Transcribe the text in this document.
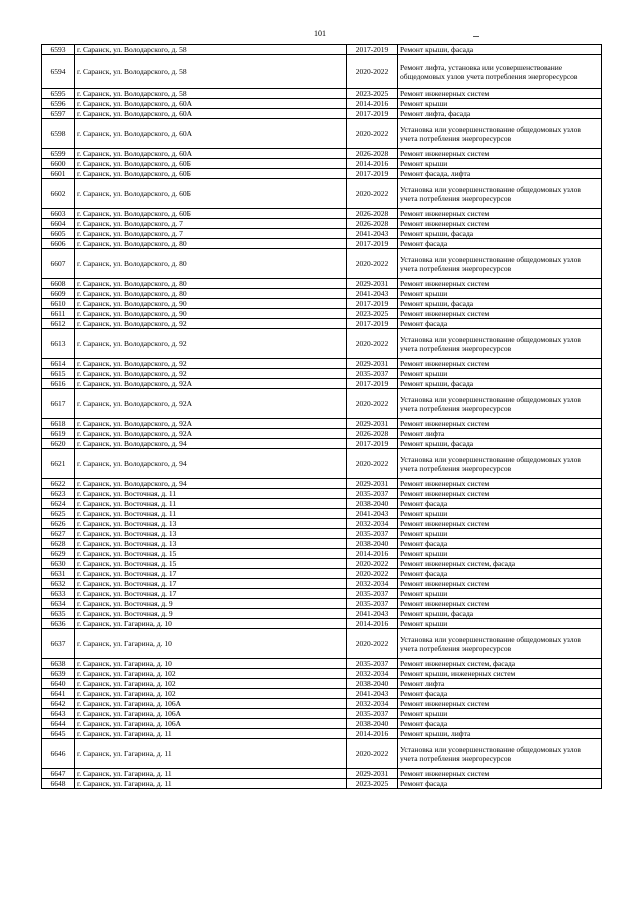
101
6593	г. Саранск, ул. Володарского, д. 58	2017-2019	Ремонт крыши, фасада
6594	г. Саранск, ул. Володарского, д. 58	2020-2022	Ремонт лифта, установка или усовершенствование общедомовых узлов учета потребления энергоресурсов
6595	г. Саранск, ул. Володарского, д. 58	2023-2025	Ремонт инженерных систем
6596	г. Саранск, ул. Володарского, д. 60А	2014-2016	Ремонт крыши
6597	г. Саранск, ул. Володарского, д. 60А	2017-2019	Ремонт лифта, фасада
6598	г. Саранск, ул. Володарского, д. 60А	2020-2022	Установка или усовершенствование общедомовых узлов учета потребления энергоресурсов
6599	г. Саранск, ул. Володарского, д. 60А	2026-2028	Ремонт инженерных систем
6600	г. Саранск, ул. Володарского, д. 60Б	2014-2016	Ремонт крыши
6601	г. Саранск, ул. Володарского, д. 60Б	2017-2019	Ремонт фасада, лифта
6602	г. Саранск, ул. Володарского, д. 60Б	2020-2022	Установка или усовершенствование общедомовых узлов учета потребления энергоресурсов
6603	г. Саранск, ул. Володарского, д. 60Б	2026-2028	Ремонт инженерных систем
6604	г. Саранск, ул. Володарского, д. 7	2026-2028	Ремонт инженерных систем
6605	г. Саранск, ул. Володарского, д. 7	2041-2043	Ремонт крыши, фасада
6606	г. Саранск, ул. Володарского, д. 80	2017-2019	Ремонт фасада
6607	г. Саранск, ул. Володарского, д. 80	2020-2022	Установка или усовершенствование общедомовых узлов учета потребления энергоресурсов
6608	г. Саранск, ул. Володарского, д. 80	2029-2031	Ремонт инженерных систем
6609	г. Саранск, ул. Володарского, д. 80	2041-2043	Ремонт крыши
6610	г. Саранск, ул. Володарского, д. 90	2017-2019	Ремонт крыши, фасада
6611	г. Саранск, ул. Володарского, д. 90	2023-2025	Ремонт инженерных систем
6612	г. Саранск, ул. Володарского, д. 92	2017-2019	Ремонт фасада
6613	г. Саранск, ул. Володарского, д. 92	2020-2022	Установка или усовершенствование общедомовых узлов учета потребления энергоресурсов
6614	г. Саранск, ул. Володарского, д. 92	2029-2031	Ремонт инженерных систем
6615	г. Саранск, ул. Володарского, д. 92	2035-2037	Ремонт крыши
6616	г. Саранск, ул. Володарского, д. 92А	2017-2019	Ремонт крыши, фасада
6617	г. Саранск, ул. Володарского, д. 92А	2020-2022	Установка или усовершенствование общедомовых узлов учета потребления энергоресурсов
6618	г. Саранск, ул. Володарского, д. 92А	2029-2031	Ремонт инженерных систем
6619	г. Саранск, ул. Володарского, д. 92А	2026-2028	Ремонт лифта
6620	г. Саранск, ул. Володарского, д. 94	2017-2019	Ремонт крыши, фасада
6621	г. Саранск, ул. Володарского, д. 94	2020-2022	Установка или усовершенствование общедомовых узлов учета потребления энергоресурсов
6622	г. Саранск, ул. Володарского, д. 94	2029-2031	Ремонт инженерных систем
6623	г. Саранск, ул. Восточная, д. 11	2035-2037	Ремонт инженерных систем
6624	г. Саранск, ул. Восточная, д. 11	2038-2040	Ремонт фасада
6625	г. Саранск, ул. Восточная, д. 11	2041-2043	Ремонт крыши
6626	г. Саранск, ул. Восточная, д. 13	2032-2034	Ремонт инженерных систем
6627	г. Саранск, ул. Восточная, д. 13	2035-2037	Ремонт крыши
6628	г. Саранск, ул. Восточная, д. 13	2038-2040	Ремонт фасада
6629	г. Саранск, ул. Восточная, д. 15	2014-2016	Ремонт крыши
6630	г. Саранск, ул. Восточная, д. 15	2020-2022	Ремонт инженерных систем, фасада
6631	г. Саранск, ул. Восточная, д. 17	2020-2022	Ремонт фасада
6632	г. Саранск, ул. Восточная, д. 17	2032-2034	Ремонт инженерных систем
6633	г. Саранск, ул. Восточная, д. 17	2035-2037	Ремонт крыши
6634	г. Саранск, ул. Восточная, д. 9	2035-2037	Ремонт инженерных систем
6635	г. Саранск, ул. Восточная, д. 9	2041-2043	Ремонт крыши, фасада
6636	г. Саранск, ул. Гагарина, д. 10	2014-2016	Ремонт крыши
6637	г. Саранск, ул. Гагарина, д. 10	2020-2022	Установка или усовершенствование общедомовых узлов учета потребления энергоресурсов
6638	г. Саранск, ул. Гагарина, д. 10	2035-2037	Ремонт инженерных систем, фасада
6639	г. Саранск, ул. Гагарина, д. 102	2032-2034	Ремонт крыши, инженерных систем
6640	г. Саранск, ул. Гагарина, д. 102	2038-2040	Ремонт лифта
6641	г. Саранск, ул. Гагарина, д. 102	2041-2043	Ремонт фасада
6642	г. Саранск, ул. Гагарина, д. 106А	2032-2034	Ремонт инженерных систем
6643	г. Саранск, ул. Гагарина, д. 106А	2035-2037	Ремонт крыши
6644	г. Саранск, ул. Гагарина, д. 106А	2038-2040	Ремонт фасада
6645	г. Саранск, ул. Гагарина, д. 11	2014-2016	Ремонт крыши, лифта
6646	г. Саранск, ул. Гагарина, д. 11	2020-2022	Установка или усовершенствование общедомовых узлов учета потребления энергоресурсов
6647	г. Саранск, ул. Гагарина, д. 11	2029-2031	Ремонт инженерных систем
6648	г. Саранск, ул. Гагарина, д. 11	2023-2025	Ремонт фасада
